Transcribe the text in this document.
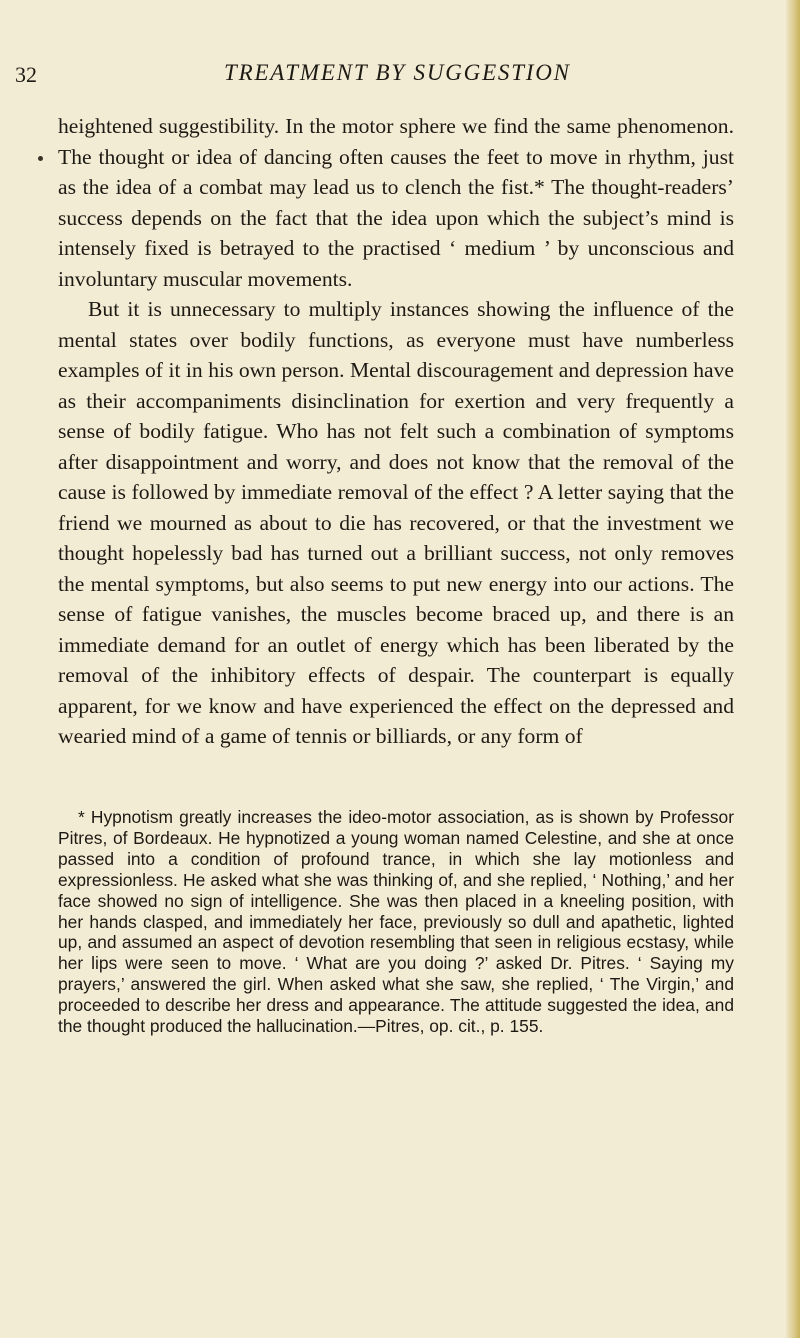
32	TREATMENT BY SUGGESTION

heightened suggestibility. In the motor sphere we find the same phenomenon. The thought or idea of dancing often causes the feet to move in rhythm, just as the idea of a combat may lead us to clench the fist.* The thought-readers’ success depends on the fact that the idea upon which the subject’s mind is intensely fixed is betrayed to the practised ‘ medium ’ by unconscious and involuntary muscular movements.

But it is unnecessary to multiply instances showing the influence of the mental states over bodily functions, as everyone must have numberless examples of it in his own person. Mental discouragement and depression have as their accompaniments disinclination for exertion and very frequently a sense of bodily fatigue. Who has not felt such a combination of symptoms after disappointment and worry, and does not know that the removal of the cause is followed by immediate removal of the effect ? A letter saying that the friend we mourned as about to die has recovered, or that the investment we thought hopelessly bad has turned out a brilliant success, not only removes the mental symptoms, but also seems to put new energy into our actions. The sense of fatigue vanishes, the muscles become braced up, and there is an immediate demand for an outlet of energy which has been liberated by the removal of the inhibitory effects of despair. The counterpart is equally apparent, for we know and have experienced the effect on the depressed and wearied mind of a game of tennis or billiards, or any form of

* Hypnotism greatly increases the ideo-motor association, as is shown by Professor Pitres, of Bordeaux. He hypnotized a young woman named Celestine, and she at once passed into a condition of profound trance, in which she lay motionless and expressionless. He asked what she was thinking of, and she replied, ‘ Nothing,’ and her face showed no sign of intelligence. She was then placed in a kneeling position, with her hands clasped, and immediately her face, previously so dull and apathetic, lighted up, and assumed an aspect of devotion resembling that seen in religious ecstasy, while her lips were seen to move. ‘ What are you doing ?’ asked Dr. Pitres. ‘ Saying my prayers,’ answered the girl. When asked what she saw, she replied, ‘ The Virgin,’ and proceeded to describe her dress and appearance. The attitude suggested the idea, and the thought produced the hallucination.—Pitres, op. cit., p. 155.
